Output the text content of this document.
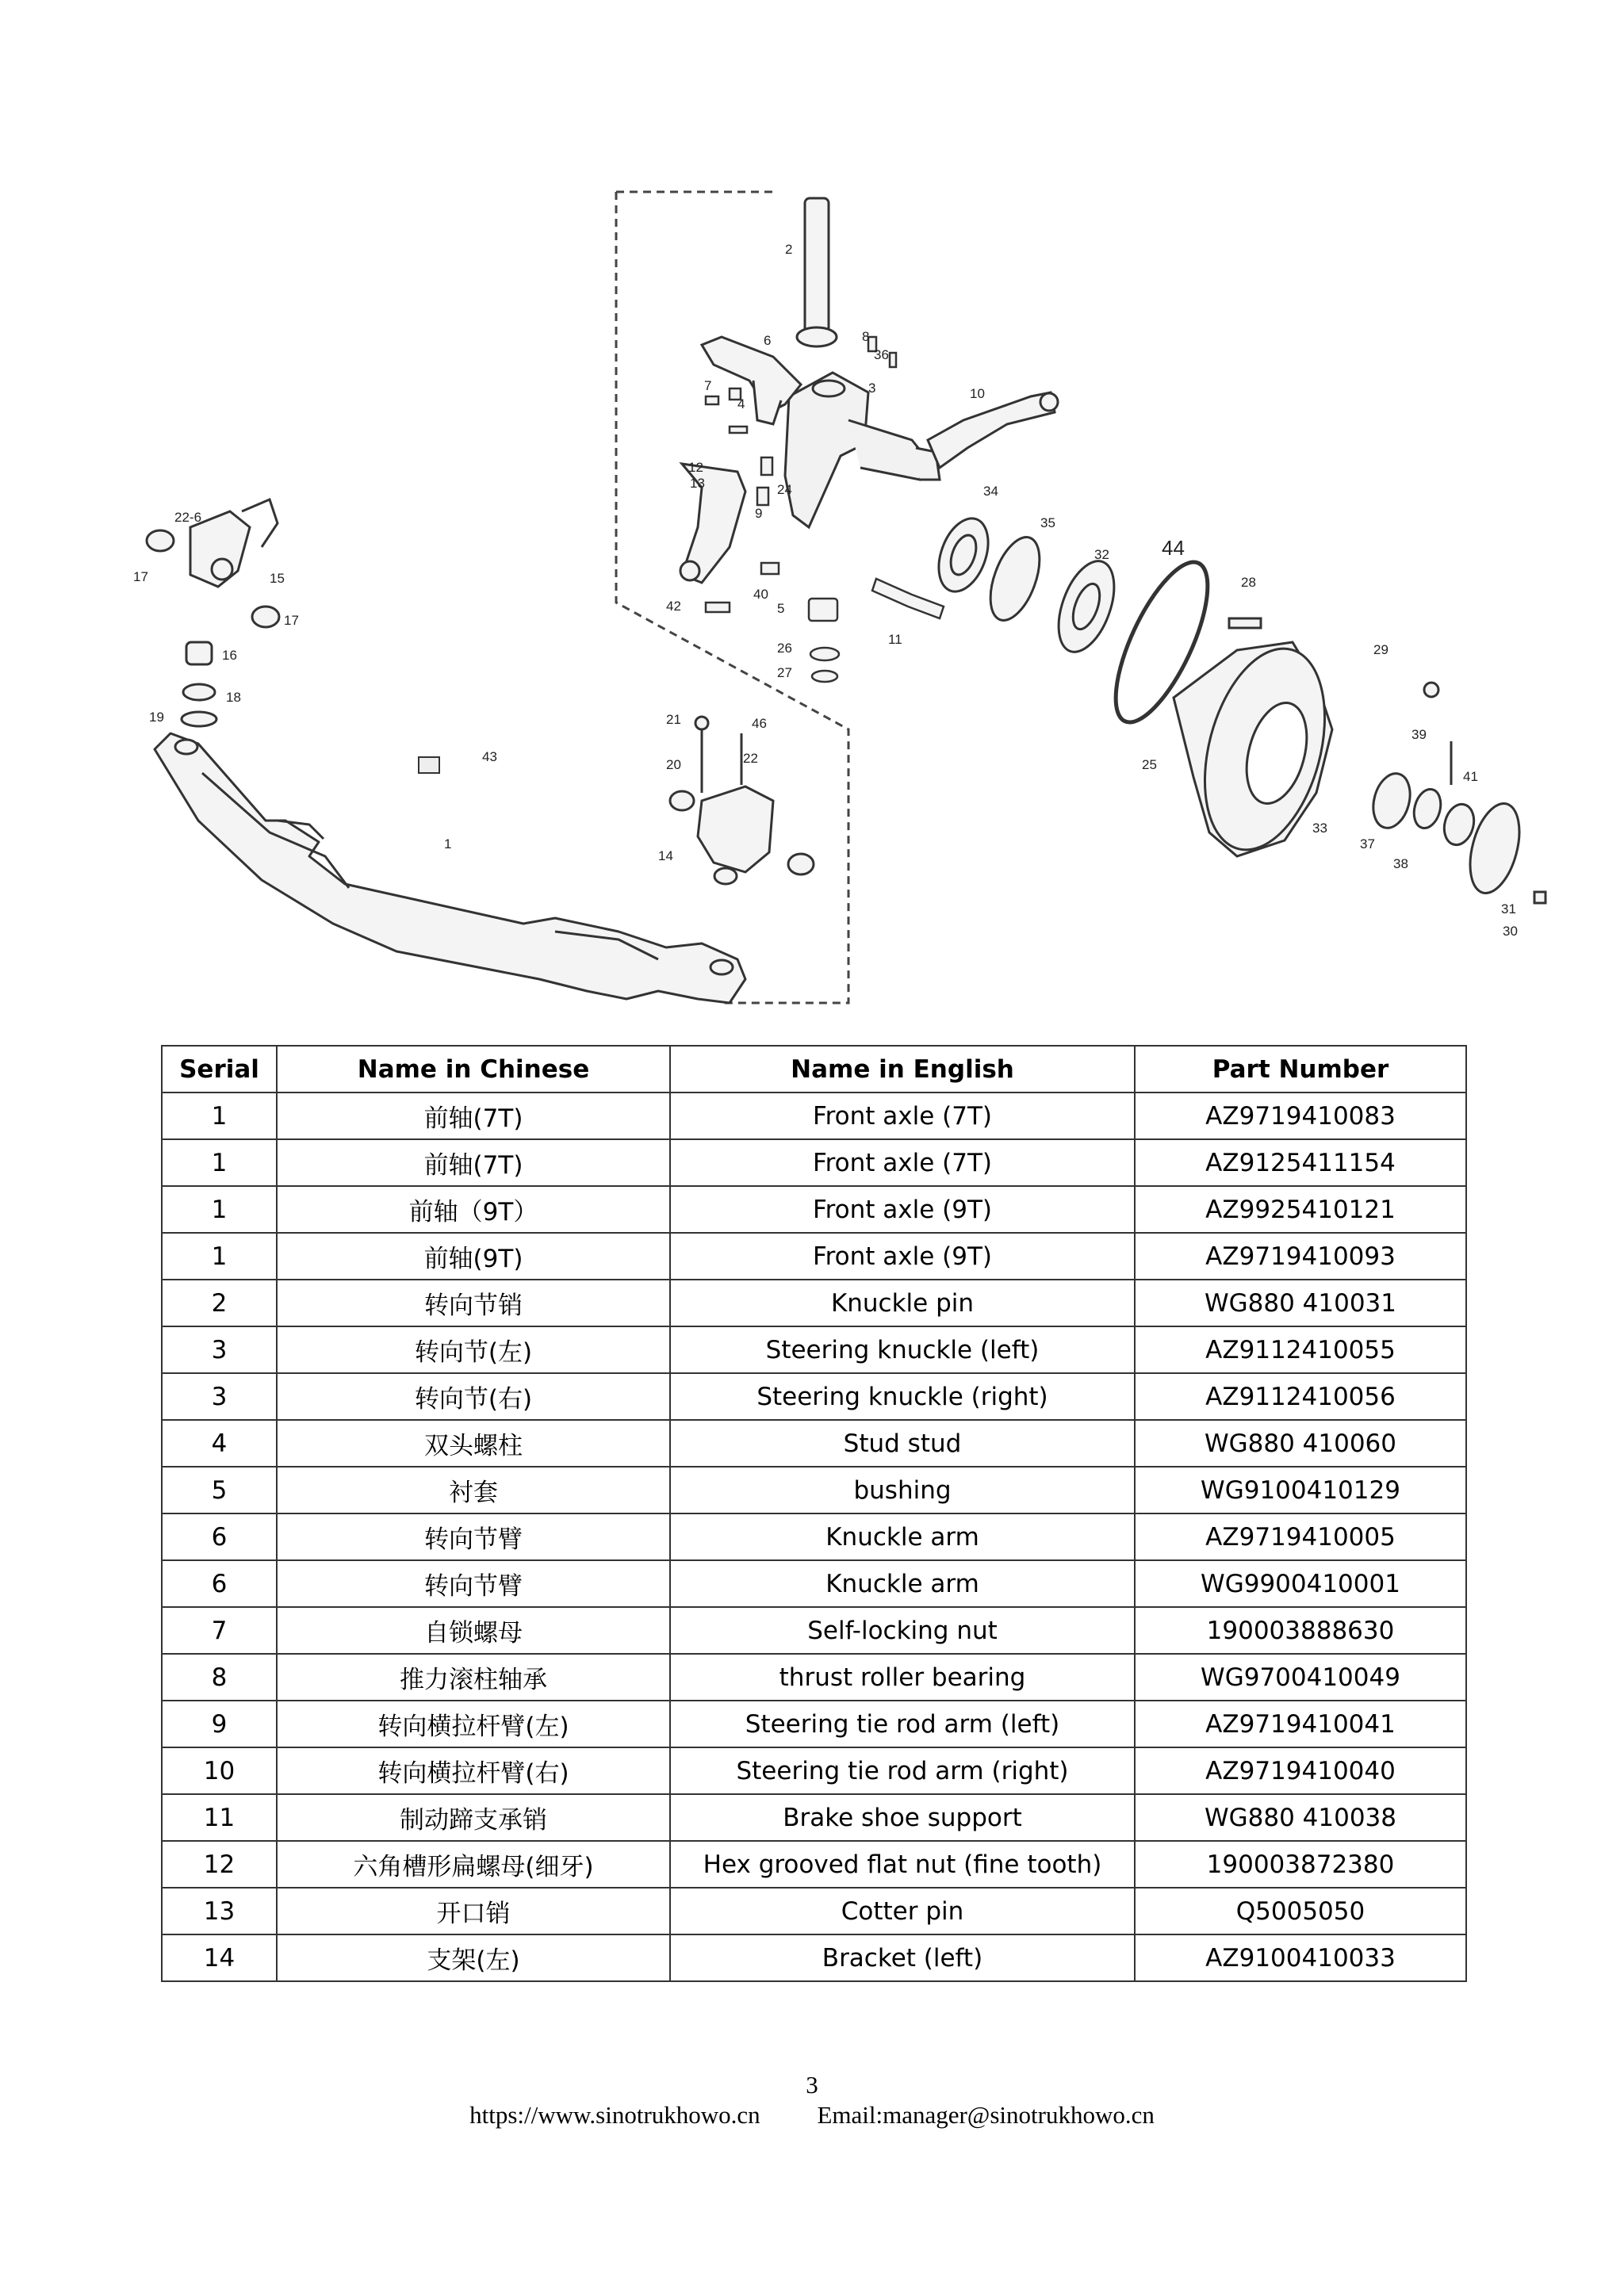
1
2
3
4
5
6
7
8
9
10
11
12
13
14
15
16
17
17
18
19
20
21
22
22-6
24
25
26
27
28
29
31
32
33
34
35
36
37
38
39
40
41
42
43
44
46
30
Serial	Name in Chinese	Name in English	Part Number
1	前轴(7T)	Front axle (7T)	AZ9719410083
1	前轴(7T)	Front axle (7T)	AZ9125411154
1	前轴（9T）	Front axle (9T)	AZ9925410121
1	前轴(9T)	Front axle (9T)	AZ9719410093
2	转向节销	Knuckle pin	WG880 410031
3	转向节(左)	Steering knuckle (left)	AZ9112410055
3	转向节(右)	Steering knuckle (right)	AZ9112410056
4	双头螺柱	Stud stud	WG880 410060
5	衬套	bushing	WG9100410129
6	转向节臂	Knuckle arm	AZ9719410005
6	转向节臂	Knuckle arm	WG9900410001
7	自锁螺母	Self-locking nut	190003888630
8	推力滚柱轴承	thrust roller bearing	WG9700410049
9	转向横拉杆臂(左)	Steering tie rod arm (left)	AZ9719410041
10	转向横拉杆臂(右)	Steering tie rod arm (right)	AZ9719410040
11	制动蹄支承销	Brake shoe support	WG880 410038
12	六角槽形扁螺母(细牙)	Hex grooved flat nut (fine tooth)	190003872380
13	开口销	Cotter pin	Q5005050
14	支架(左)	Bracket (left)	AZ9100410033
3
https://www.sinotrukhowo.cn Email:manager@sinotrukhowo.cn
